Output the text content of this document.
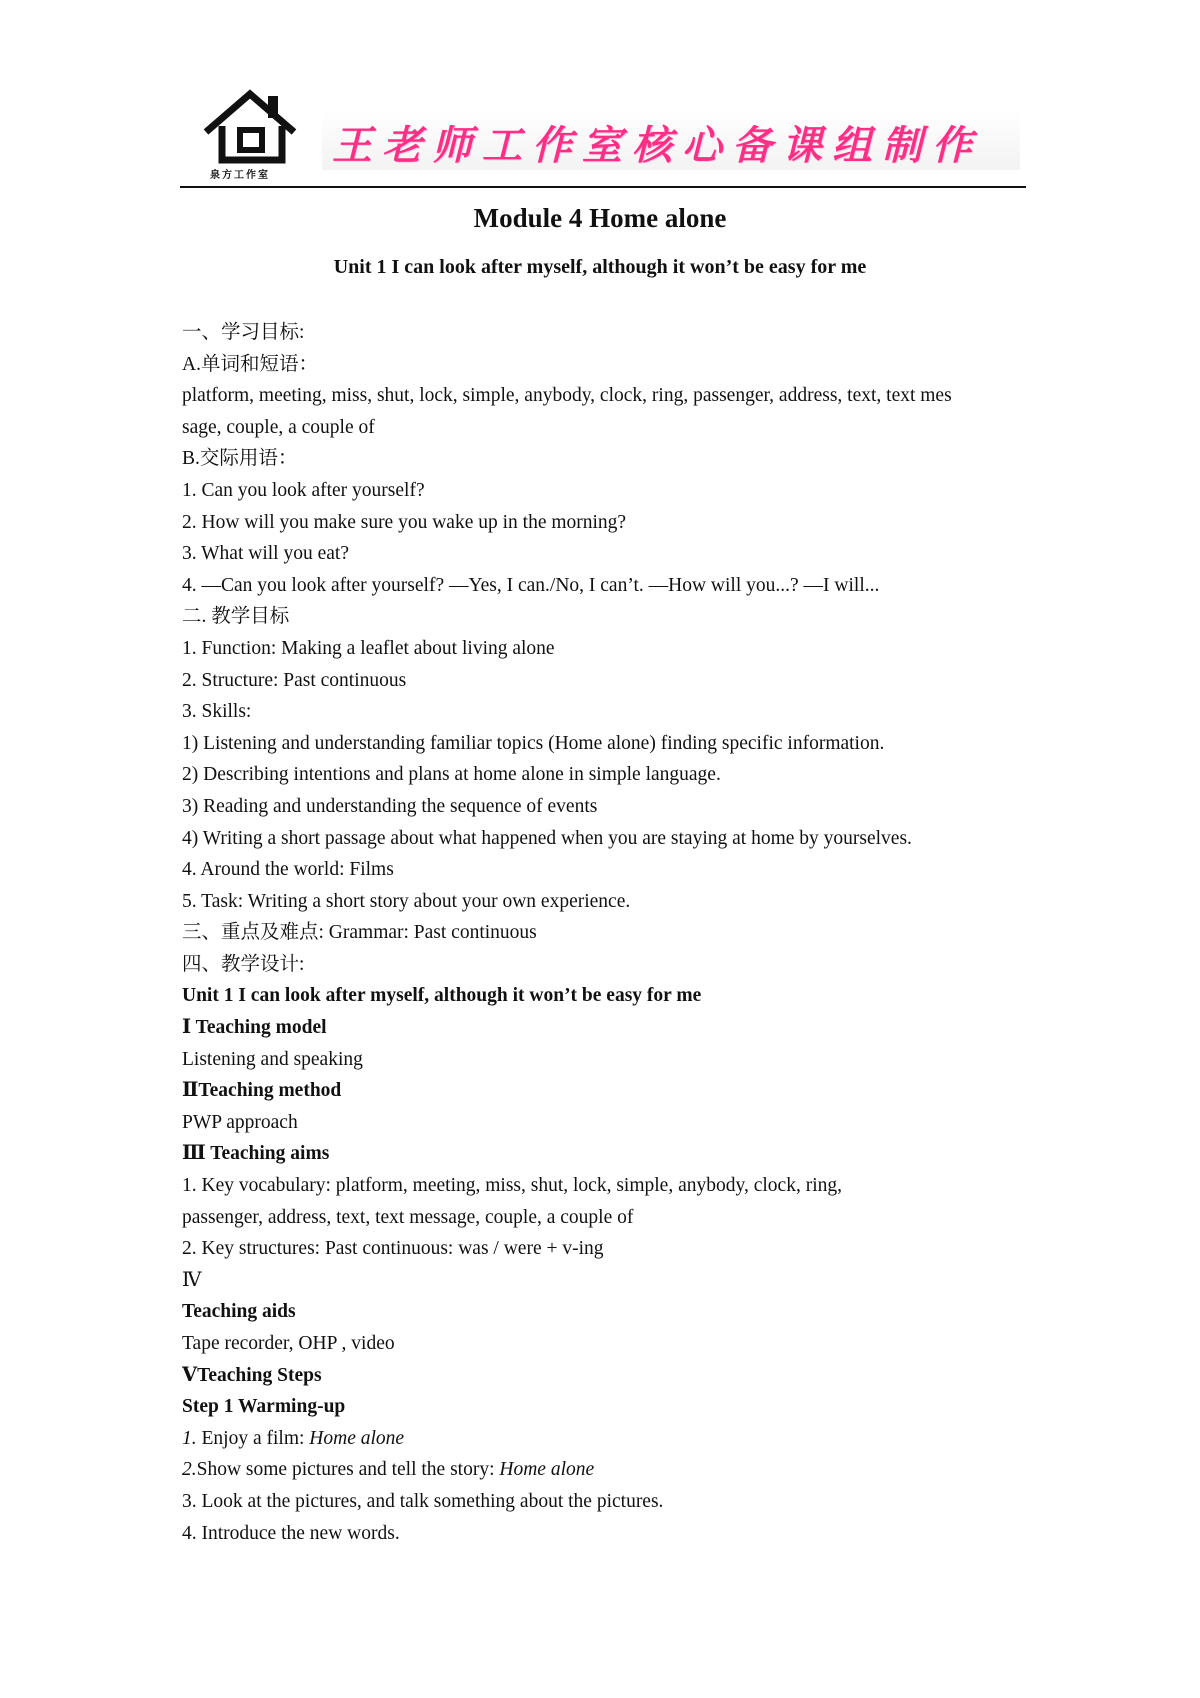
泉方工作室
王老师工作室核心备课组制作
Module 4 Home alone
Unit 1 I can look after myself, although it won’t be easy for me
一、学习目标:
A.单词和短语：
platform, meeting, miss, shut, lock, simple, anybody, clock, ring, passenger, address, text, text mes
sage, couple, a couple of
B.交际用语：
1. Can you look after yourself?
2. How will you make sure you wake up in the morning?
3. What will you eat?
4. —Can you look after yourself? —Yes, I can./No, I can’t. —How will you...? —I will...
二. 教学目标
1. Function: Making a leaflet about living alone
2. Structure: Past continuous
3. Skills:
1) Listening and understanding familiar topics (Home alone) finding specific information.
2) Describing intentions and plans at home alone in simple language.
3) Reading and understanding the sequence of events
4) Writing a short passage about what happened when you are staying at home by yourselves.
4. Around the world: Films
5. Task: Writing a short story about your own experience.
三、重点及难点: Grammar: Past continuous
四、教学设计:
Unit 1 I can look after myself, although it won’t be easy for me
Ⅰ Teaching model
Listening and speaking
ⅡTeaching method
PWP approach
Ⅲ Teaching aims
1. Key vocabulary: platform, meeting, miss, shut, lock, simple, anybody, clock, ring,
passenger, address, text, text message, couple, a couple of
2. Key structures: Past continuous: was / were + v-ing
Ⅳ
Teaching aids
Tape recorder, OHP , video
ⅤTeaching Steps
Step 1 Warming-up
1. Enjoy a film: Home alone
2.Show some pictures and tell the story: Home alone
3. Look at the pictures, and talk something about the pictures.
4. Introduce the new words.
